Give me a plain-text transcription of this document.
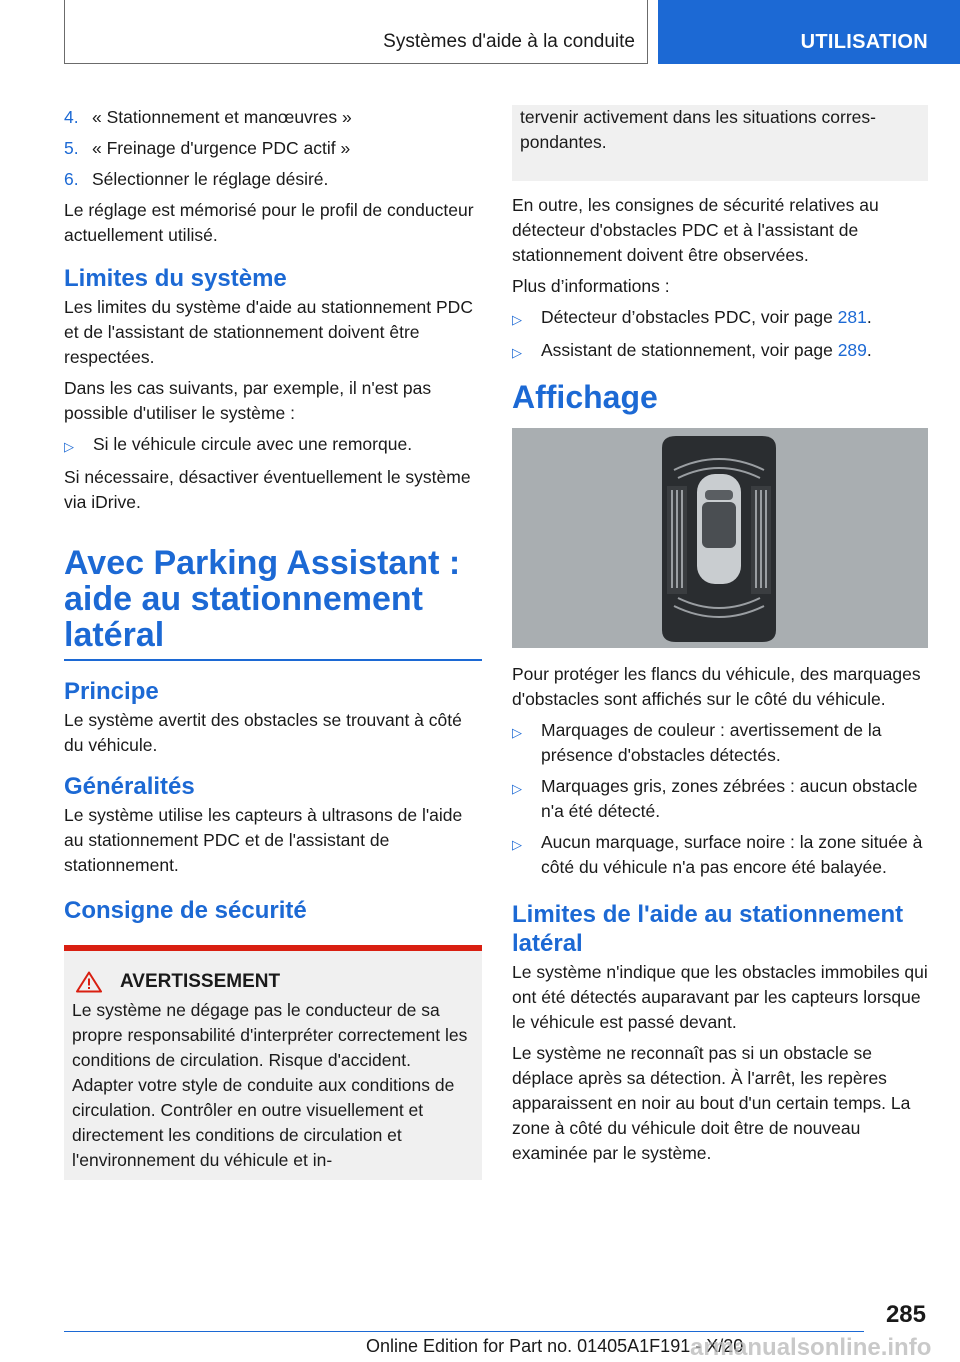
Systèmes d'aide à la conduite	UTILISATION
4. « Stationnement et manœuvres »
5. « Freinage d'urgence PDC actif »
6. Sélectionner le réglage désiré.

Le réglage est mémorisé pour le profil de conducteur actuellement utilisé.

Limites du système

Les limites du système d'aide au stationnement PDC et de l'assistant de stationnement doivent être respectées.

Dans les cas suivants, par exemple, il n'est pas possible d'utiliser le système :

▷	Si le véhicule circule avec une remorque.

Si nécessaire, désactiver éventuellement le système via iDrive.

Avec Parking Assistant : aide au stationnement latéral
Principe

Le système avertit des obstacles se trouvant à côté du véhicule.

Généralités

Le système utilise les capteurs à ultrasons de l'aide au stationnement PDC et de l'assistant de stationnement.

Consigne de sécurité
AVERTISSEMENT
Le système ne dégage pas le conducteur de sa propre responsabilité d'interpréter correctement les conditions de circulation. Risque d'accident. Adapter votre style de conduite aux conditions de circulation. Contrôler en outre visuellement et directement les conditions de circulation et l'environnement du véhicule et in-
tervenir activement dans les situations correspondantes.

En outre, les consignes de sécurité relatives au détecteur d'obstacles PDC et à l'assistant de stationnement doivent être observées.

Plus d’informations :

▷	Détecteur d’obstacles PDC, voir page 281.
▷	Assistant de stationnement, voir page 289.
Affichage

Pour protéger les flancs du véhicule, des marquages d'obstacles sont affichés sur le côté du véhicule.

▷	Marquages de couleur : avertissement de la présence d'obstacles détectés.
▷	Marquages gris, zones zébrées : aucun obstacle n'a été détecté.
▷	Aucun marquage, surface noire : la zone située à côté du véhicule n'a pas encore été balayée.
Limites de l'aide au stationnement latéral

Le système n'indique que les obstacles immobiles qui ont été détectés auparavant par les capteurs lorsque le véhicule est passé devant.

Le système ne reconnaît pas si un obstacle se déplace après sa détection. À l'arrêt, les repères apparaissent en noir au bout d'un certain temps. La zone à côté du véhicule doit être de nouveau examinée par le système.

285
Online Edition for Part no. 01405A1F191 - X/20
armanualsonline.info
